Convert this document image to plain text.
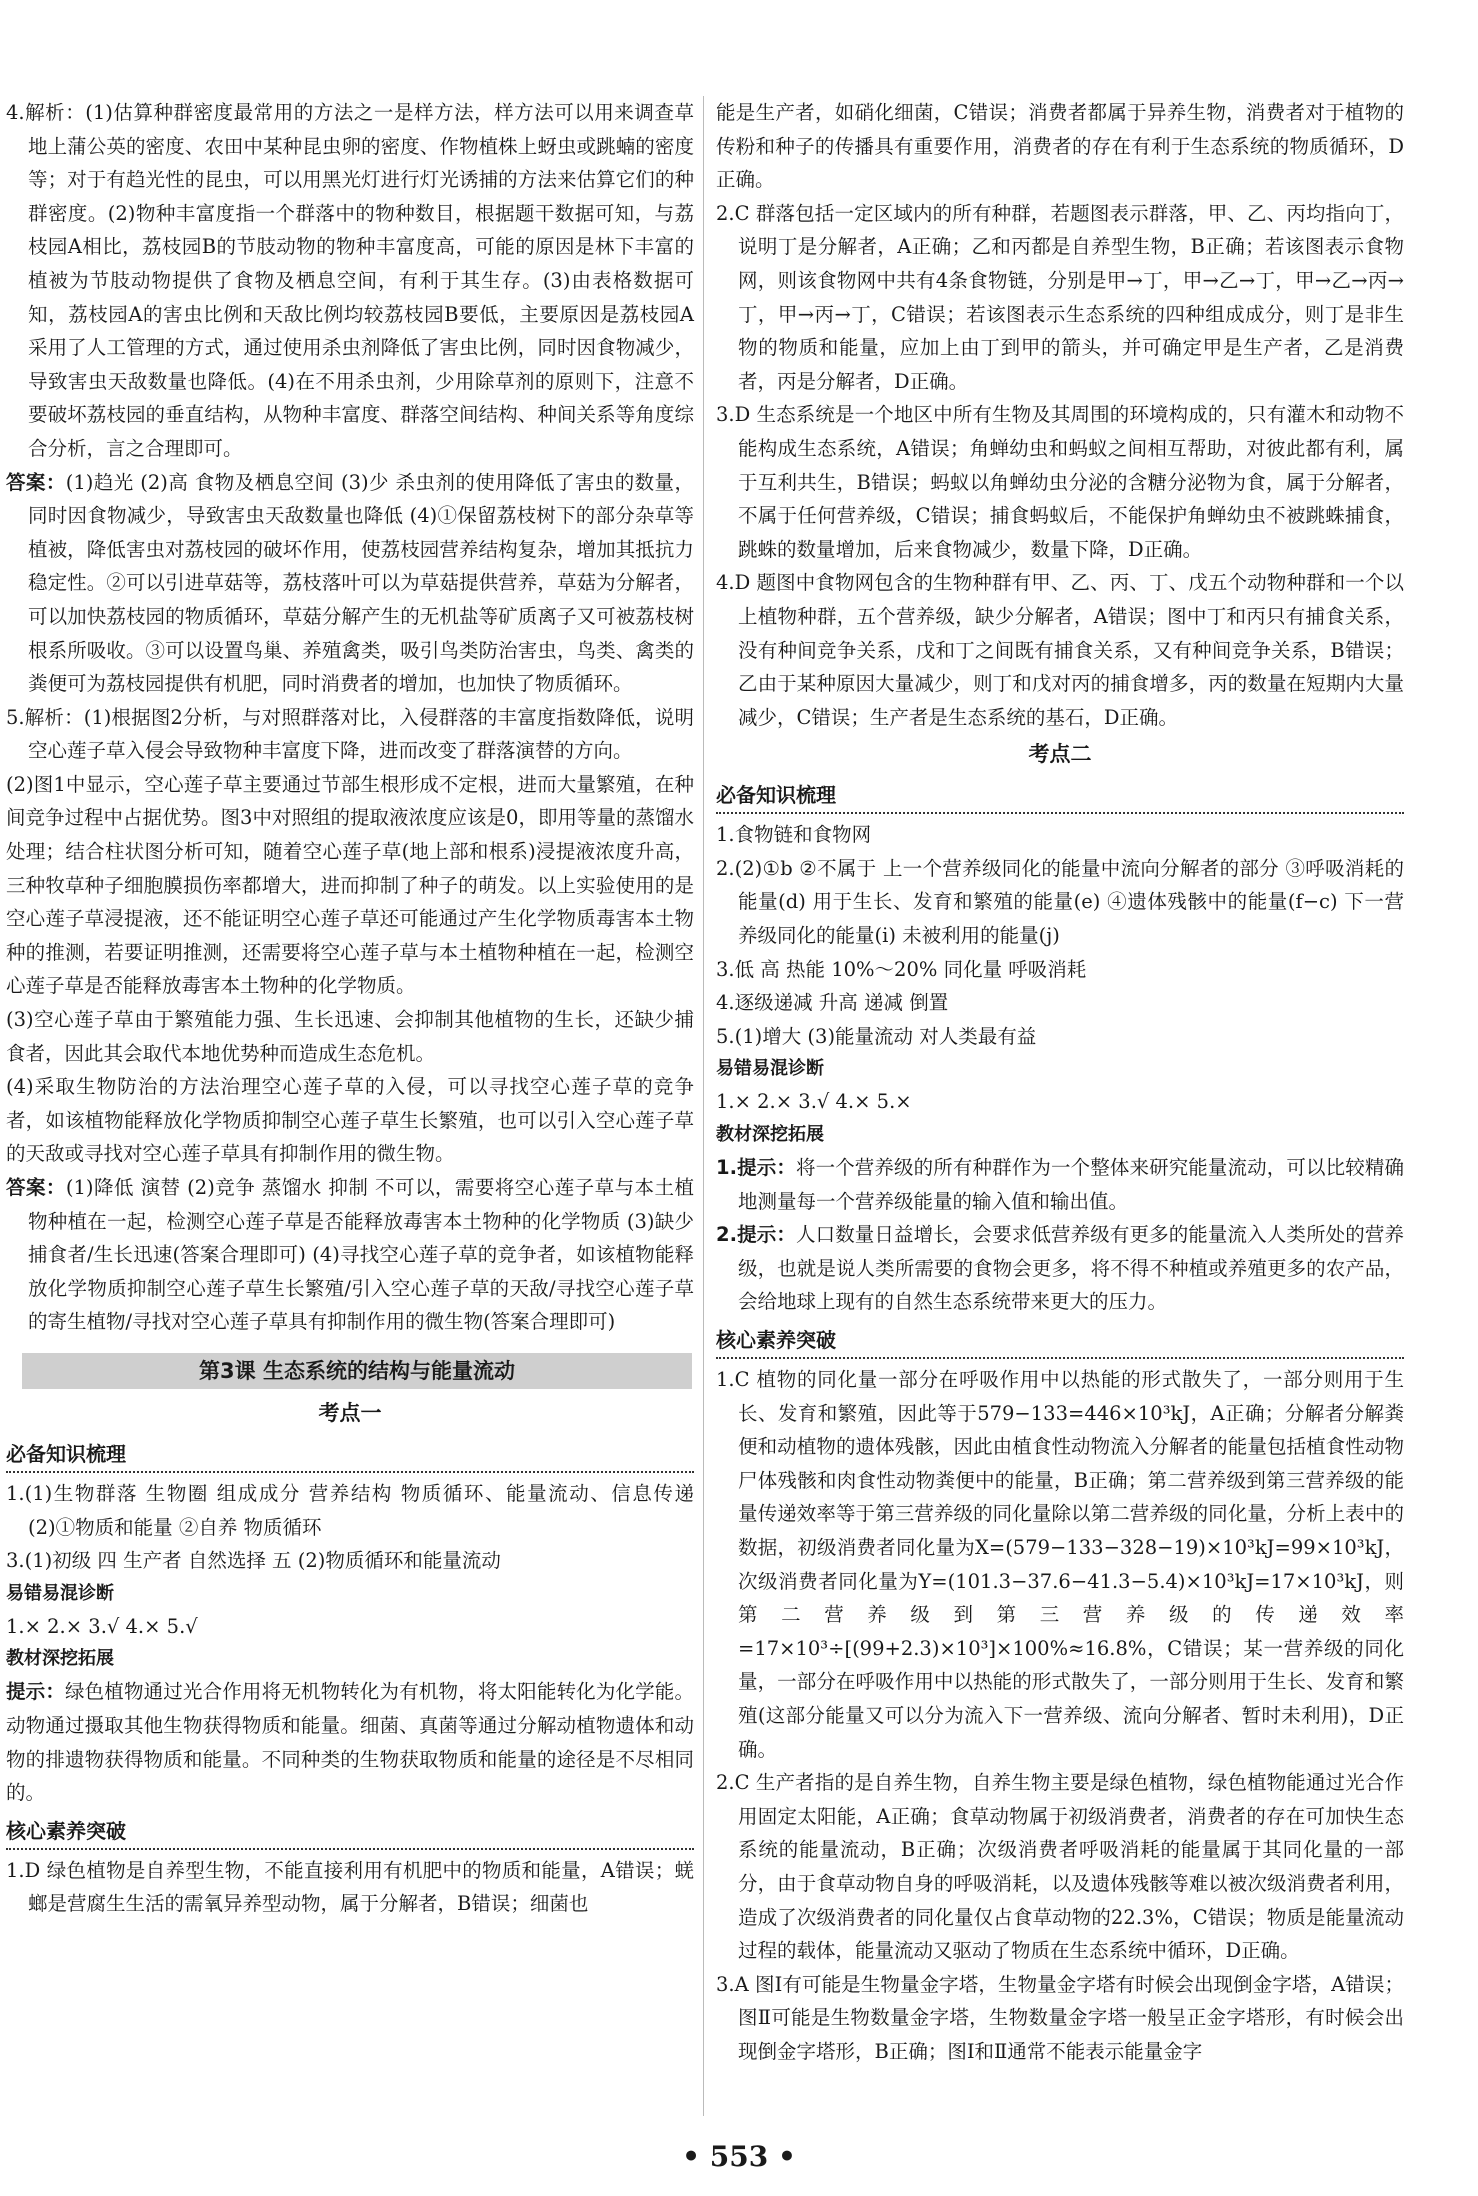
4.解析：(1)估算种群密度最常用的方法之一是样方法，样方法可以用来调查草地上蒲公英的密度、农田中某种昆虫卵的密度、作物植株上蚜虫或跳蝻的密度等；对于有趋光性的昆虫，可以用黑光灯进行灯光诱捕的方法来估算它们的种群密度。(2)物种丰富度指一个群落中的物种数目，根据题干数据可知，与荔枝园A相比，荔枝园B的节肢动物的物种丰富度高，可能的原因是林下丰富的植被为节肢动物提供了食物及栖息空间，有利于其生存。(3)由表格数据可知，荔枝园A的害虫比例和天敌比例均较荔枝园B要低，主要原因是荔枝园A采用了人工管理的方式，通过使用杀虫剂降低了害虫比例，同时因食物减少，导致害虫天敌数量也降低。(4)在不用杀虫剂，少用除草剂的原则下，注意不要破坏荔枝园的垂直结构，从物种丰富度、群落空间结构、种间关系等角度综合分析，言之合理即可。

答案：(1)趋光 (2)高 食物及栖息空间 (3)少 杀虫剂的使用降低了害虫的数量，同时因食物减少，导致害虫天敌数量也降低 (4)①保留荔枝树下的部分杂草等植被，降低害虫对荔枝园的破坏作用，使荔枝园营养结构复杂，增加其抵抗力稳定性。②可以引进草菇等，荔枝落叶可以为草菇提供营养，草菇为分解者，可以加快荔枝园的物质循环，草菇分解产生的无机盐等矿质离子又可被荔枝树根系所吸收。③可以设置鸟巢、养殖禽类，吸引鸟类防治害虫，鸟类、禽类的粪便可为荔枝园提供有机肥，同时消费者的增加，也加快了物质循环。

5.解析：(1)根据图2分析，与对照群落对比，入侵群落的丰富度指数降低，说明空心莲子草入侵会导致物种丰富度下降，进而改变了群落演替的方向。

(2)图1中显示，空心莲子草主要通过节部生根形成不定根，进而大量繁殖，在种间竞争过程中占据优势。图3中对照组的提取液浓度应该是0，即用等量的蒸馏水处理；结合柱状图分析可知，随着空心莲子草(地上部和根系)浸提液浓度升高，三种牧草种子细胞膜损伤率都增大，进而抑制了种子的萌发。以上实验使用的是空心莲子草浸提液，还不能证明空心莲子草还可能通过产生化学物质毒害本土物种的推测，若要证明推测，还需要将空心莲子草与本土植物种植在一起，检测空心莲子草是否能释放毒害本土物种的化学物质。

(3)空心莲子草由于繁殖能力强、生长迅速、会抑制其他植物的生长，还缺少捕食者，因此其会取代本地优势种而造成生态危机。

(4)采取生物防治的方法治理空心莲子草的入侵，可以寻找空心莲子草的竞争者，如该植物能释放化学物质抑制空心莲子草生长繁殖，也可以引入空心莲子草的天敌或寻找对空心莲子草具有抑制作用的微生物。

答案：(1)降低 演替 (2)竞争 蒸馏水 抑制 不可以，需要将空心莲子草与本土植物种植在一起，检测空心莲子草是否能释放毒害本土物种的化学物质 (3)缺少捕食者/生长迅速(答案合理即可) (4)寻找空心莲子草的竞争者，如该植物能释放化学物质抑制空心莲子草生长繁殖/引入空心莲子草的天敌/寻找空心莲子草的寄生植物/寻找对空心莲子草具有抑制作用的微生物(答案合理即可)

第3课 生态系统的结构与能量流动
考点一
必备知识梳理

1.(1)生物群落 生物圈 组成成分 营养结构 物质循环、能量流动、信息传递 (2)①物质和能量 ②自养 物质循环

3.(1)初级 四 生产者 自然选择 五 (2)物质循环和能量流动

易错易混诊断

1.× 2.× 3.√ 4.× 5.√

教材深挖拓展

提示：绿色植物通过光合作用将无机物转化为有机物，将太阳能转化为化学能。动物通过摄取其他生物获得物质和能量。细菌、真菌等通过分解动植物遗体和动物的排遗物获得物质和能量。不同种类的生物获取物质和能量的途径是不尽相同的。

核心素养突破

1.D 绿色植物是自养型生物，不能直接利用有机肥中的物质和能量，A错误；蜣螂是营腐生生活的需氧异养型动物，属于分解者，B错误；细菌也

能是生产者，如硝化细菌，C错误；消费者都属于异养生物，消费者对于植物的传粉和种子的传播具有重要作用，消费者的存在有利于生态系统的物质循环，D正确。

2.C 群落包括一定区域内的所有种群，若题图表示群落，甲、乙、丙均指向丁，说明丁是分解者，A正确；乙和丙都是自养型生物，B正确；若该图表示食物网，则该食物网中共有4条食物链，分别是甲→丁，甲→乙→丁，甲→乙→丙→丁，甲→丙→丁，C错误；若该图表示生态系统的四种组成成分，则丁是非生物的物质和能量，应加上由丁到甲的箭头，并可确定甲是生产者，乙是消费者，丙是分解者，D正确。

3.D 生态系统是一个地区中所有生物及其周围的环境构成的，只有灌木和动物不能构成生态系统，A错误；角蝉幼虫和蚂蚁之间相互帮助，对彼此都有利，属于互利共生，B错误；蚂蚁以角蝉幼虫分泌的含糖分泌物为食，属于分解者，不属于任何营养级，C错误；捕食蚂蚁后，不能保护角蝉幼虫不被跳蛛捕食，跳蛛的数量增加，后来食物减少，数量下降，D正确。

4.D 题图中食物网包含的生物种群有甲、乙、丙、丁、戊五个动物种群和一个以上植物种群，五个营养级，缺少分解者，A错误；图中丁和丙只有捕食关系，没有种间竞争关系，戊和丁之间既有捕食关系，又有种间竞争关系，B错误；乙由于某种原因大量减少，则丁和戊对丙的捕食增多，丙的数量在短期内大量减少，C错误；生产者是生态系统的基石，D正确。

考点二
必备知识梳理

1.食物链和食物网

2.(2)①b ②不属于 上一个营养级同化的能量中流向分解者的部分 ③呼吸消耗的能量(d) 用于生长、发育和繁殖的能量(e) ④遗体残骸中的能量(f−c) 下一营养级同化的能量(i) 未被利用的能量(j)

3.低 高 热能 10%～20% 同化量 呼吸消耗

4.逐级递减 升高 递减 倒置

5.(1)增大 (3)能量流动 对人类最有益

易错易混诊断

1.× 2.× 3.√ 4.× 5.×

教材深挖拓展

1.提示：将一个营养级的所有种群作为一个整体来研究能量流动，可以比较精确地测量每一个营养级能量的输入值和输出值。

2.提示：人口数量日益增长，会要求低营养级有更多的能量流入人类所处的营养级，也就是说人类所需要的食物会更多，将不得不种植或养殖更多的农产品，会给地球上现有的自然生态系统带来更大的压力。

核心素养突破

1.C 植物的同化量一部分在呼吸作用中以热能的形式散失了，一部分则用于生长、发育和繁殖，因此等于579−133=446×10³kJ，A正确；分解者分解粪便和动植物的遗体残骸，因此由植食性动物流入分解者的能量包括植食性动物尸体残骸和肉食性动物粪便中的能量，B正确；第二营养级到第三营养级的能量传递效率等于第三营养级的同化量除以第二营养级的同化量，分析上表中的数据，初级消费者同化量为X=(579−133−328−19)×10³kJ=99×10³kJ，次级消费者同化量为Y=(101.3−37.6−41.3−5.4)×10³kJ=17×10³kJ，则第二营养级到第三营养级的传递效率=17×10³÷[(99+2.3)×10³]×100%≈16.8%，C错误；某一营养级的同化量，一部分在呼吸作用中以热能的形式散失了，一部分则用于生长、发育和繁殖(这部分能量又可以分为流入下一营养级、流向分解者、暂时未利用)，D正确。

2.C 生产者指的是自养生物，自养生物主要是绿色植物，绿色植物能通过光合作用固定太阳能，A正确；食草动物属于初级消费者，消费者的存在可加快生态系统的能量流动，B正确；次级消费者呼吸消耗的能量属于其同化量的一部分，由于食草动物自身的呼吸消耗，以及遗体残骸等难以被次级消费者利用，造成了次级消费者的同化量仅占食草动物的22.3%，C错误；物质是能量流动过程的载体，能量流动又驱动了物质在生态系统中循环，D正确。

3.A 图Ⅰ有可能是生物量金字塔，生物量金字塔有时候会出现倒金字塔，A错误；图Ⅱ可能是生物数量金字塔，生物数量金字塔一般呈正金字塔形，有时候会出现倒金字塔形，B正确；图Ⅰ和Ⅱ通常不能表示能量金字

• 553 •
